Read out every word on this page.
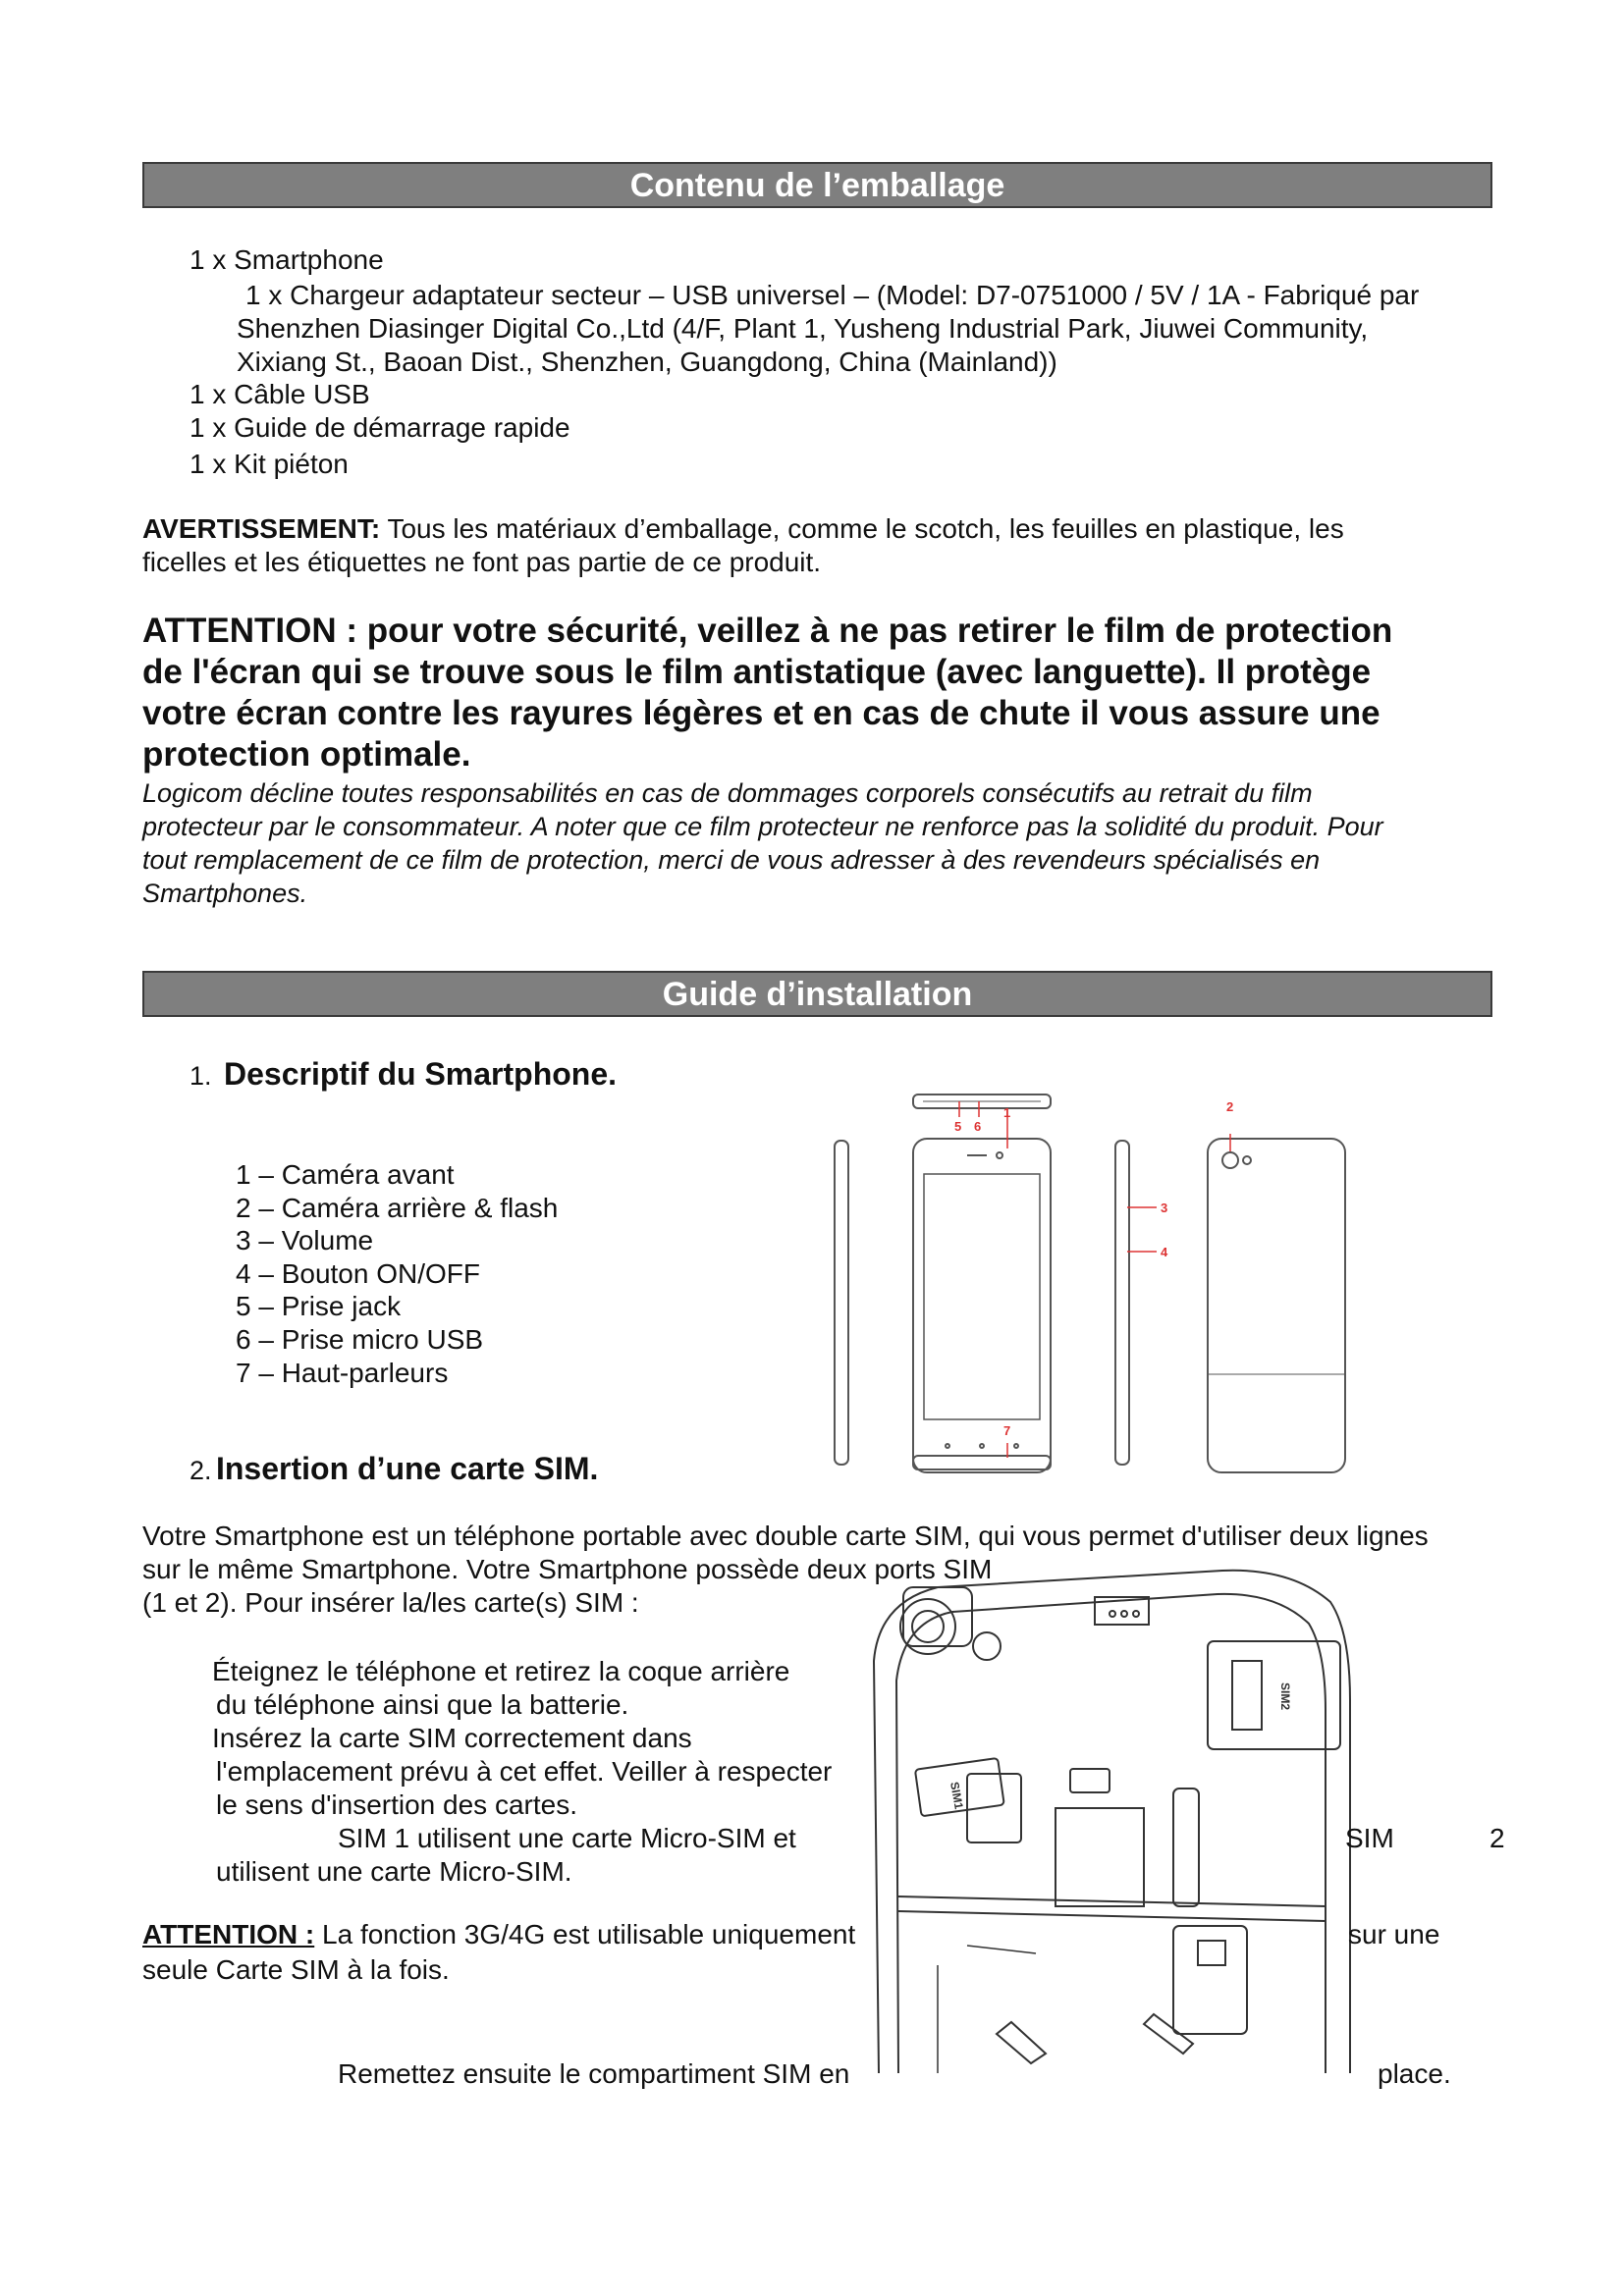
Contenu de l’emballage
1 x Smartphone
1 x Chargeur adaptateur secteur – USB universel – (Model: D7-0751000 / 5V / 1A - Fabriqué par
Shenzhen Diasinger Digital Co.,Ltd (4/F, Plant 1, Yusheng Industrial Park, Jiuwei Community,
Xixiang St., Baoan Dist., Shenzhen, Guangdong, China (Mainland))
1 x Câble USB
1 x Guide de démarrage rapide
1 x Kit piéton
AVERTISSEMENT: Tous les matériaux d’emballage, comme le scotch, les feuilles en plastique, les
ficelles et les étiquettes ne font pas partie de ce produit.
ATTENTION : pour votre sécurité, veillez à ne pas retirer le film de protection
de l'écran qui se trouve sous le film antistatique (avec languette). Il protège
votre écran contre les rayures légères et en cas de chute il vous assure une
protection optimale.
Logicom décline toutes responsabilités en cas de dommages corporels consécutifs au retrait du film
protecteur par le consommateur. A noter que ce film protecteur ne renforce pas la solidité du produit. Pour
tout remplacement de ce film de protection, merci de vous adresser à des revendeurs spécialisés en
Smartphones.
Guide d’installation
1. Descriptif du Smartphone.
1 – Caméra avant
2 – Caméra arrière & flash
3 – Volume
4 – Bouton ON/OFF
5 – Prise jack
6 – Prise micro USB
7 – Haut-parleurs
5 6
1	2
3
4
7
2. Insertion d’une carte SIM.
Votre Smartphone est un téléphone portable avec double carte SIM, qui vous permet d'utiliser deux lignes
sur le même Smartphone. Votre Smartphone possède deux ports SIM
(1 et 2). Pour insérer la/les carte(s) SIM :
SIM1
SIM2
Éteignez le téléphone et retirez la coque arrière
du téléphone ainsi que la batterie.
Insérez la carte SIM correctement dans
l'emplacement prévu à cet effet. Veiller à respecter
le sens d'insertion des cartes.
SIM 1 utilisent une carte Micro-SIM et	SIM	2
utilisent une carte Micro-SIM.
ATTENTION : La fonction 3G/4G est utilisable uniquement	sur une
seule Carte SIM à la fois.
Remettez ensuite le compartiment SIM en	place.
